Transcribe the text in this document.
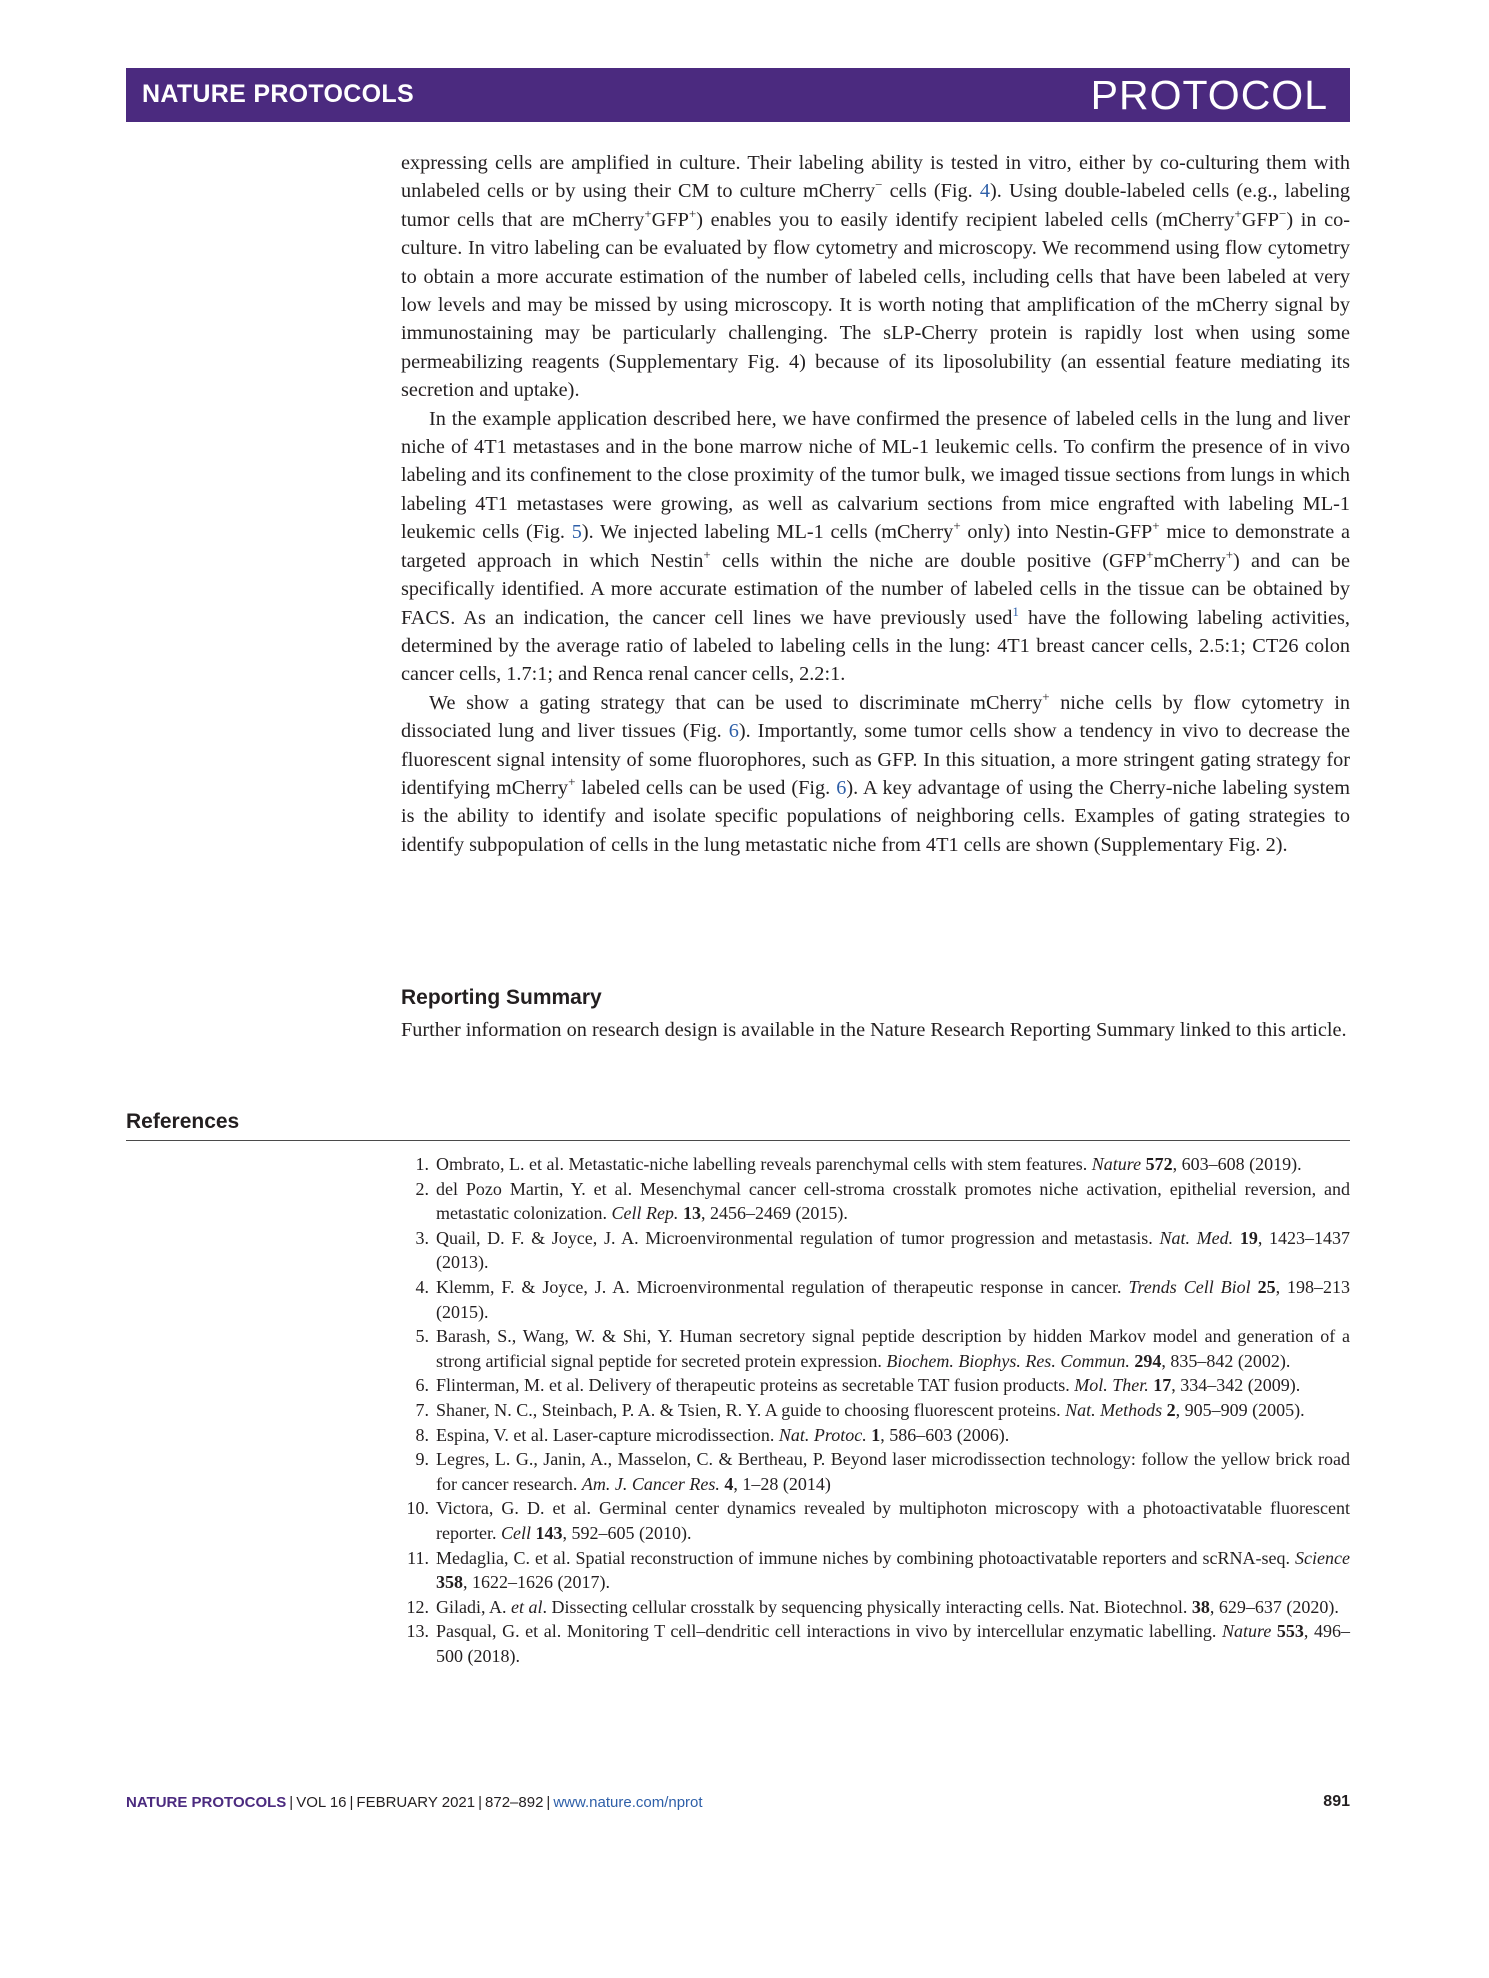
NATURE PROTOCOLS	PROTOCOL

expressing cells are amplified in culture. Their labeling ability is tested in vitro, either by co-culturing them with unlabeled cells or by using their CM to culture mCherry− cells (Fig. 4). Using double-labeled cells (e.g., labeling tumor cells that are mCherry+GFP+) enables you to easily identify recipient labeled cells (mCherry+GFP−) in co-culture. In vitro labeling can be evaluated by flow cytometry and microscopy. We recommend using flow cytometry to obtain a more accurate estimation of the number of labeled cells, including cells that have been labeled at very low levels and may be missed by using microscopy. It is worth noting that amplification of the mCherry signal by immunostaining may be particularly challenging. The sLP-Cherry protein is rapidly lost when using some permeabilizing reagents (Supplementary Fig. 4) because of its liposolubility (an essential feature mediating its secretion and uptake).

In the example application described here, we have confirmed the presence of labeled cells in the lung and liver niche of 4T1 metastases and in the bone marrow niche of ML-1 leukemic cells. To confirm the presence of in vivo labeling and its confinement to the close proximity of the tumor bulk, we imaged tissue sections from lungs in which labeling 4T1 metastases were growing, as well as calvarium sections from mice engrafted with labeling ML-1 leukemic cells (Fig. 5). We injected labeling ML-1 cells (mCherry+ only) into Nestin-GFP+ mice to demonstrate a targeted approach in which Nestin+ cells within the niche are double positive (GFP+mCherry+) and can be specifically identified. A more accurate estimation of the number of labeled cells in the tissue can be obtained by FACS. As an indication, the cancer cell lines we have previously used$^1$ have the following labeling activities, determined by the average ratio of labeled to labeling cells in the lung: 4T1 breast cancer cells, 2.5:1; CT26 colon cancer cells, 1.7:1; and Renca renal cancer cells, 2.2:1.

We show a gating strategy that can be used to discriminate mCherry+ niche cells by flow cytometry in dissociated lung and liver tissues (Fig. 6). Importantly, some tumor cells show a tendency in vivo to decrease the fluorescent signal intensity of some fluorophores, such as GFP. In this situation, a more stringent gating strategy for identifying mCherry+ labeled cells can be used (Fig. 6). A key advantage of using the Cherry-niche labeling system is the ability to identify and isolate specific populations of neighboring cells. Examples of gating strategies to identify subpopulation of cells in the lung metastatic niche from 4T1 cells are shown (Supplementary Fig. 2).

Reporting Summary
Further information on research design is available in the Nature Research Reporting Summary linked to this article.
References
1. Ombrato, L. et al. Metastatic-niche labelling reveals parenchymal cells with stem features. Nature 572, 603–608 (2019).
2. del Pozo Martin, Y. et al. Mesenchymal cancer cell-stroma crosstalk promotes niche activation, epithelial reversion, and metastatic colonization. Cell Rep. 13, 2456–2469 (2015).
3. Quail, D. F. & Joyce, J. A. Microenvironmental regulation of tumor progression and metastasis. Nat. Med. 19, 1423–1437 (2013).
4. Klemm, F. & Joyce, J. A. Microenvironmental regulation of therapeutic response in cancer. Trends Cell Biol 25, 198–213 (2015).
5. Barash, S., Wang, W. & Shi, Y. Human secretory signal peptide description by hidden Markov model and generation of a strong artificial signal peptide for secreted protein expression. Biochem. Biophys. Res. Commun. 294, 835–842 (2002).
6. Flinterman, M. et al. Delivery of therapeutic proteins as secretable TAT fusion products. Mol. Ther. 17, 334–342 (2009).
7. Shaner, N. C., Steinbach, P. A. & Tsien, R. Y. A guide to choosing fluorescent proteins. Nat. Methods 2, 905–909 (2005).
8. Espina, V. et al. Laser-capture microdissection. Nat. Protoc. 1, 586–603 (2006).
9. Legres, L. G., Janin, A., Masselon, C. & Bertheau, P. Beyond laser microdissection technology: follow the yellow brick road for cancer research. Am. J. Cancer Res. 4, 1–28 (2014)
10. Victora, G. D. et al. Germinal center dynamics revealed by multiphoton microscopy with a photoactivatable fluorescent reporter. Cell 143, 592–605 (2010).
11. Medaglia, C. et al. Spatial reconstruction of immune niches by combining photoactivatable reporters and scRNA-seq. Science 358, 1622–1626 (2017).
12. Giladi, A. et al. Dissecting cellular crosstalk by sequencing physically interacting cells. Nat. Biotechnol. 38, 629–637 (2020).
13. Pasqual, G. et al. Monitoring T cell–dendritic cell interactions in vivo by intercellular enzymatic labelling. Nature 553, 496–500 (2018).
NATURE PROTOCOLS | VOL 16 | FEBRUARY 2021 | 872–892 | www.nature.com/nprot	891
